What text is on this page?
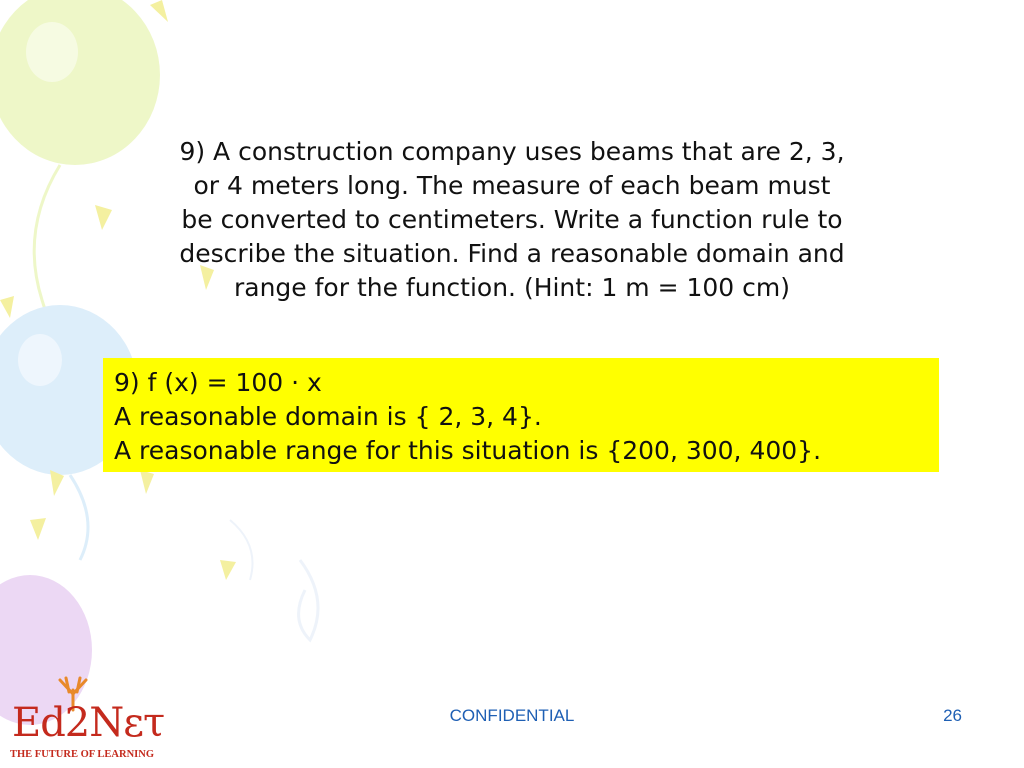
9) A construction company uses beams that are 2, 3,
or 4 meters long. The measure of each beam must
be converted to centimeters. Write a function rule to
describe the situation. Find a reasonable domain and
range for the function. (Hint: 1 m = 100 cm)
9) f (x) = 100 · x
A reasonable domain is { 2, 3, 4}.
A reasonable range for this situation is {200, 300, 400}.
Ed2Nετ
THE FUTURE OF LEARNING
CONFIDENTIAL	26
